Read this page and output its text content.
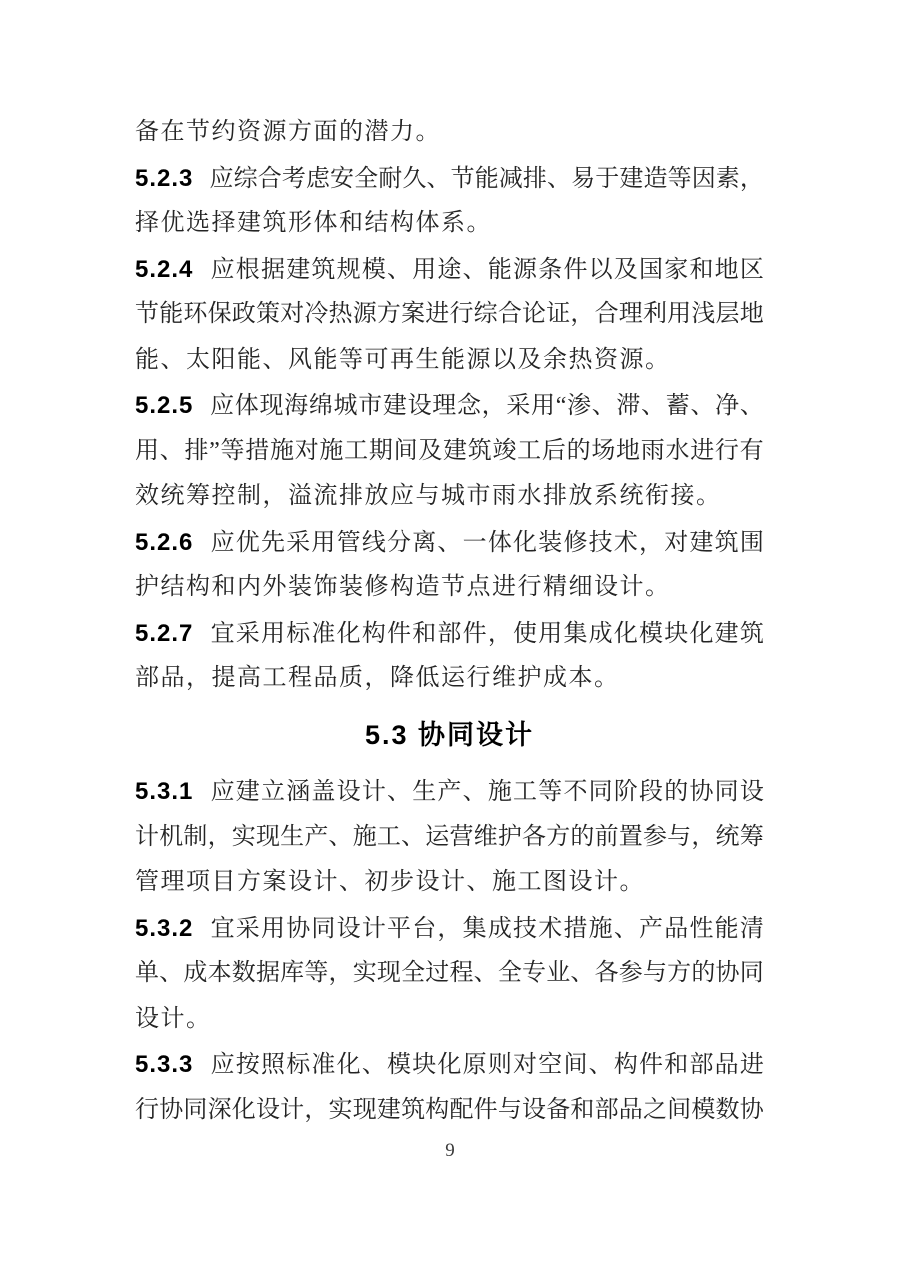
备在节约资源方面的潜力。
5.2.3 应 综 合 考 虑 安 全 耐 久 、 节 能 减 排 、 易 于 建 造 等 因 素 ，
择优选择建筑形体和结构体系。
5.2.4 应 根 据 建 筑 规 模 、 用 途 、 能 源 条 件 以 及 国 家 和 地 区
节 能 环 保 政 策 对 冷 热 源 方 案 进 行 综 合 论 证 ， 合 理 利 用 浅 层 地
能、太阳能、风能等可再生能源以及余热资源。
5.2.5 应 体 现 海 绵 城 市 建 设 理 念 ， 采 用 “ 渗 、 滞 、 蓄 、 净 、
用 、 排 ” 等 措 施 对 施 工 期 间 及 建 筑 竣 工 后 的 场 地 雨 水 进 行 有
效统筹控制，溢流排放应与城市雨水排放系统衔接。
5.2.6 应 优 先 采 用 管 线 分 离 、 一 体 化 装 修 技 术 ， 对 建 筑 围
护结构和内外装饰装修构造节点进行精细设计。
5.2.7 宜 采 用 标 准 化 构 件 和 部 件 ， 使 用 集 成 化 模 块 化 建 筑
部品，提高工程品质，降低运行维护成本。
5.3 协同设计
5.3.1 应 建 立 涵 盖 设 计 、 生 产 、 施 工 等 不 同 阶 段 的 协 同 设
计 机 制 ， 实 现 生 产 、 施 工 、 运 营 维 护 各 方 的 前 置 参 与 ， 统 筹
管理项目方案设计、初步设计、施工图设计。
5.3.2 宜 采 用 协 同 设 计 平 台 ， 集 成 技 术 措 施 、 产 品 性 能 清
单 、 成 本 数 据 库 等 ， 实 现 全 过 程 、 全 专 业 、 各 参 与 方 的 协 同
设计。
5.3.3 应 按 照 标 准 化 、 模 块 化 原 则 对 空 间 、 构 件 和 部 品 进
行 协 同 深 化 设 计 ， 实 现 建 筑 构 配 件 与 设 备 和 部 品 之 间 模 数 协
9
